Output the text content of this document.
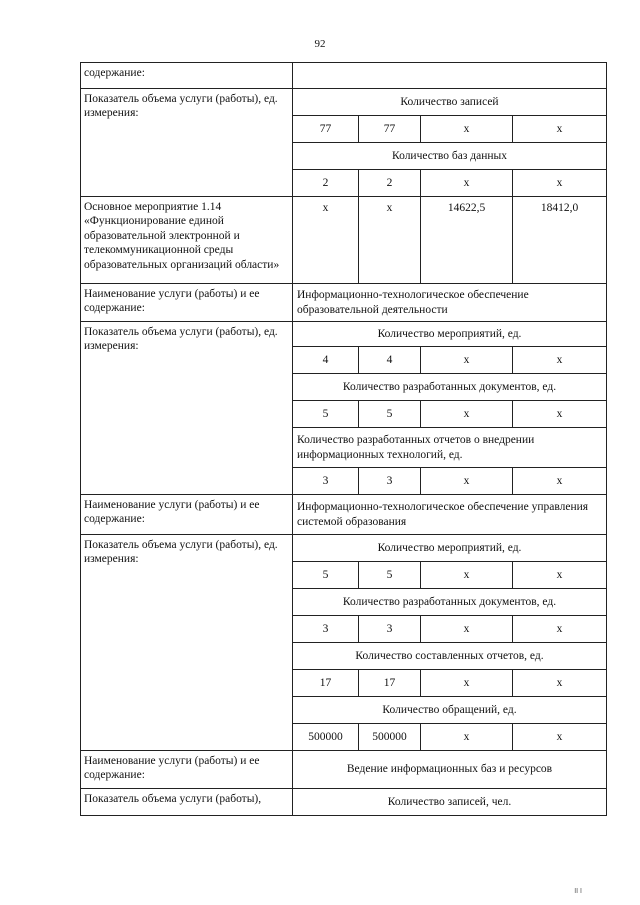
92
содержание:				
Показатель объема услуги (работы), ед. измерения:	Количество записей			
	77	77	х	х
	Количество баз данных			
	2	2	х	х
Основное мероприятие 1.14 «Функционирование единой образовательной электронной и телекоммуникационной среды образовательных организаций области»	х	х	14622,5	18412,0
Наименование услуги (работы) и ее содержание:	Информационно-технологическое обеспечение образовательной деятельности			
Показатель объема услуги (работы), ед. измерения:	Количество мероприятий, ед.			
	4	4	х	х
	Количество разработанных документов, ед.			
	5	5	х	х
	Количество разработанных отчетов о внедрении информационных технологий, ед.			
	3	3	х	х
Наименование услуги (работы) и ее содержание:	Информационно-технологическое обеспечение управления системой образования			
Показатель объема услуги (работы), ед. измерения:	Количество мероприятий, ед.			
	5	5	х	х
	Количество разработанных документов, ед.			
	3	3	х	х
	Количество составленных отчетов, ед.			
	17	17	х	х
	Количество обращений, ед.			
	500000	500000	х	х
Наименование услуги (работы) и ее содержание:	Ведение информационных баз и ресурсов			
Показатель объема услуги (работы),	Количество записей, чел.			
II I
